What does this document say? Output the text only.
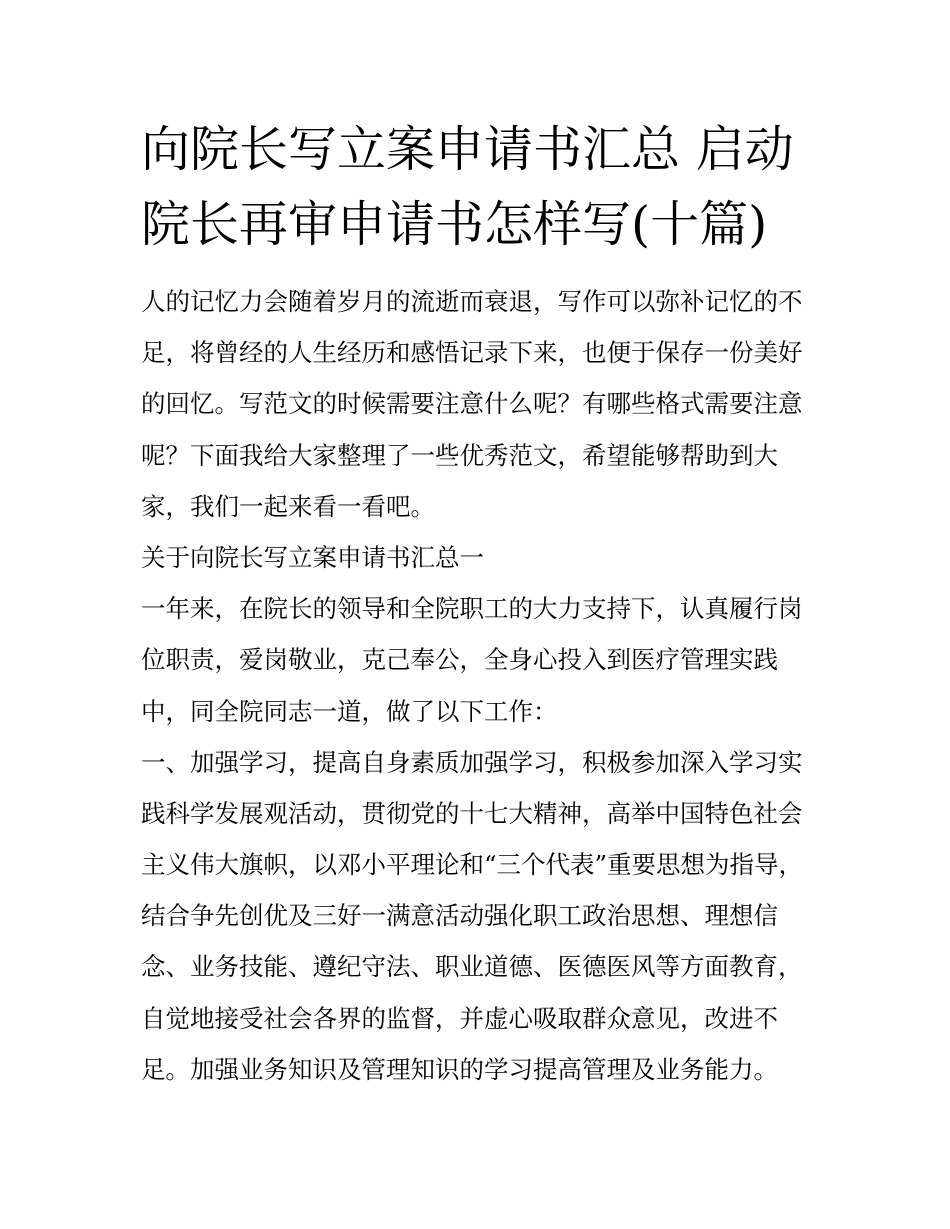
向院长写立案申请书汇总 启动
院长再审申请书怎样写(十篇)
人的记忆力会随着岁月的流逝而衰退，写作可以弥补记忆的不
足，将曾经的人生经历和感悟记录下来，也便于保存一份美好
的回忆。写范文的时候需要注意什么呢？有哪些格式需要注意
呢？下面我给大家整理了一些优秀范文，希望能够帮助到大
家，我们一起来看一看吧。
关于向院长写立案申请书汇总一
一年来，在院长的领导和全院职工的大力支持下，认真履行岗
位职责，爱岗敬业，克己奉公，全身心投入到医疗管理实践
中，同全院同志一道，做了以下工作：
一、加强学习，提高自身素质加强学习，积极参加深入学习实
践科学发展观活动，贯彻党的十七大精神，高举中国特色社会
主义伟大旗帜，以邓小平理论和“三个代表”重要思想为指导，
结合争先创优及三好一满意活动强化职工政治思想、理想信
念、业务技能、遵纪守法、职业道德、医德医风等方面教育，
自觉地接受社会各界的监督，并虚心吸取群众意见，改进不
足。加强业务知识及管理知识的学习提高管理及业务能力。
